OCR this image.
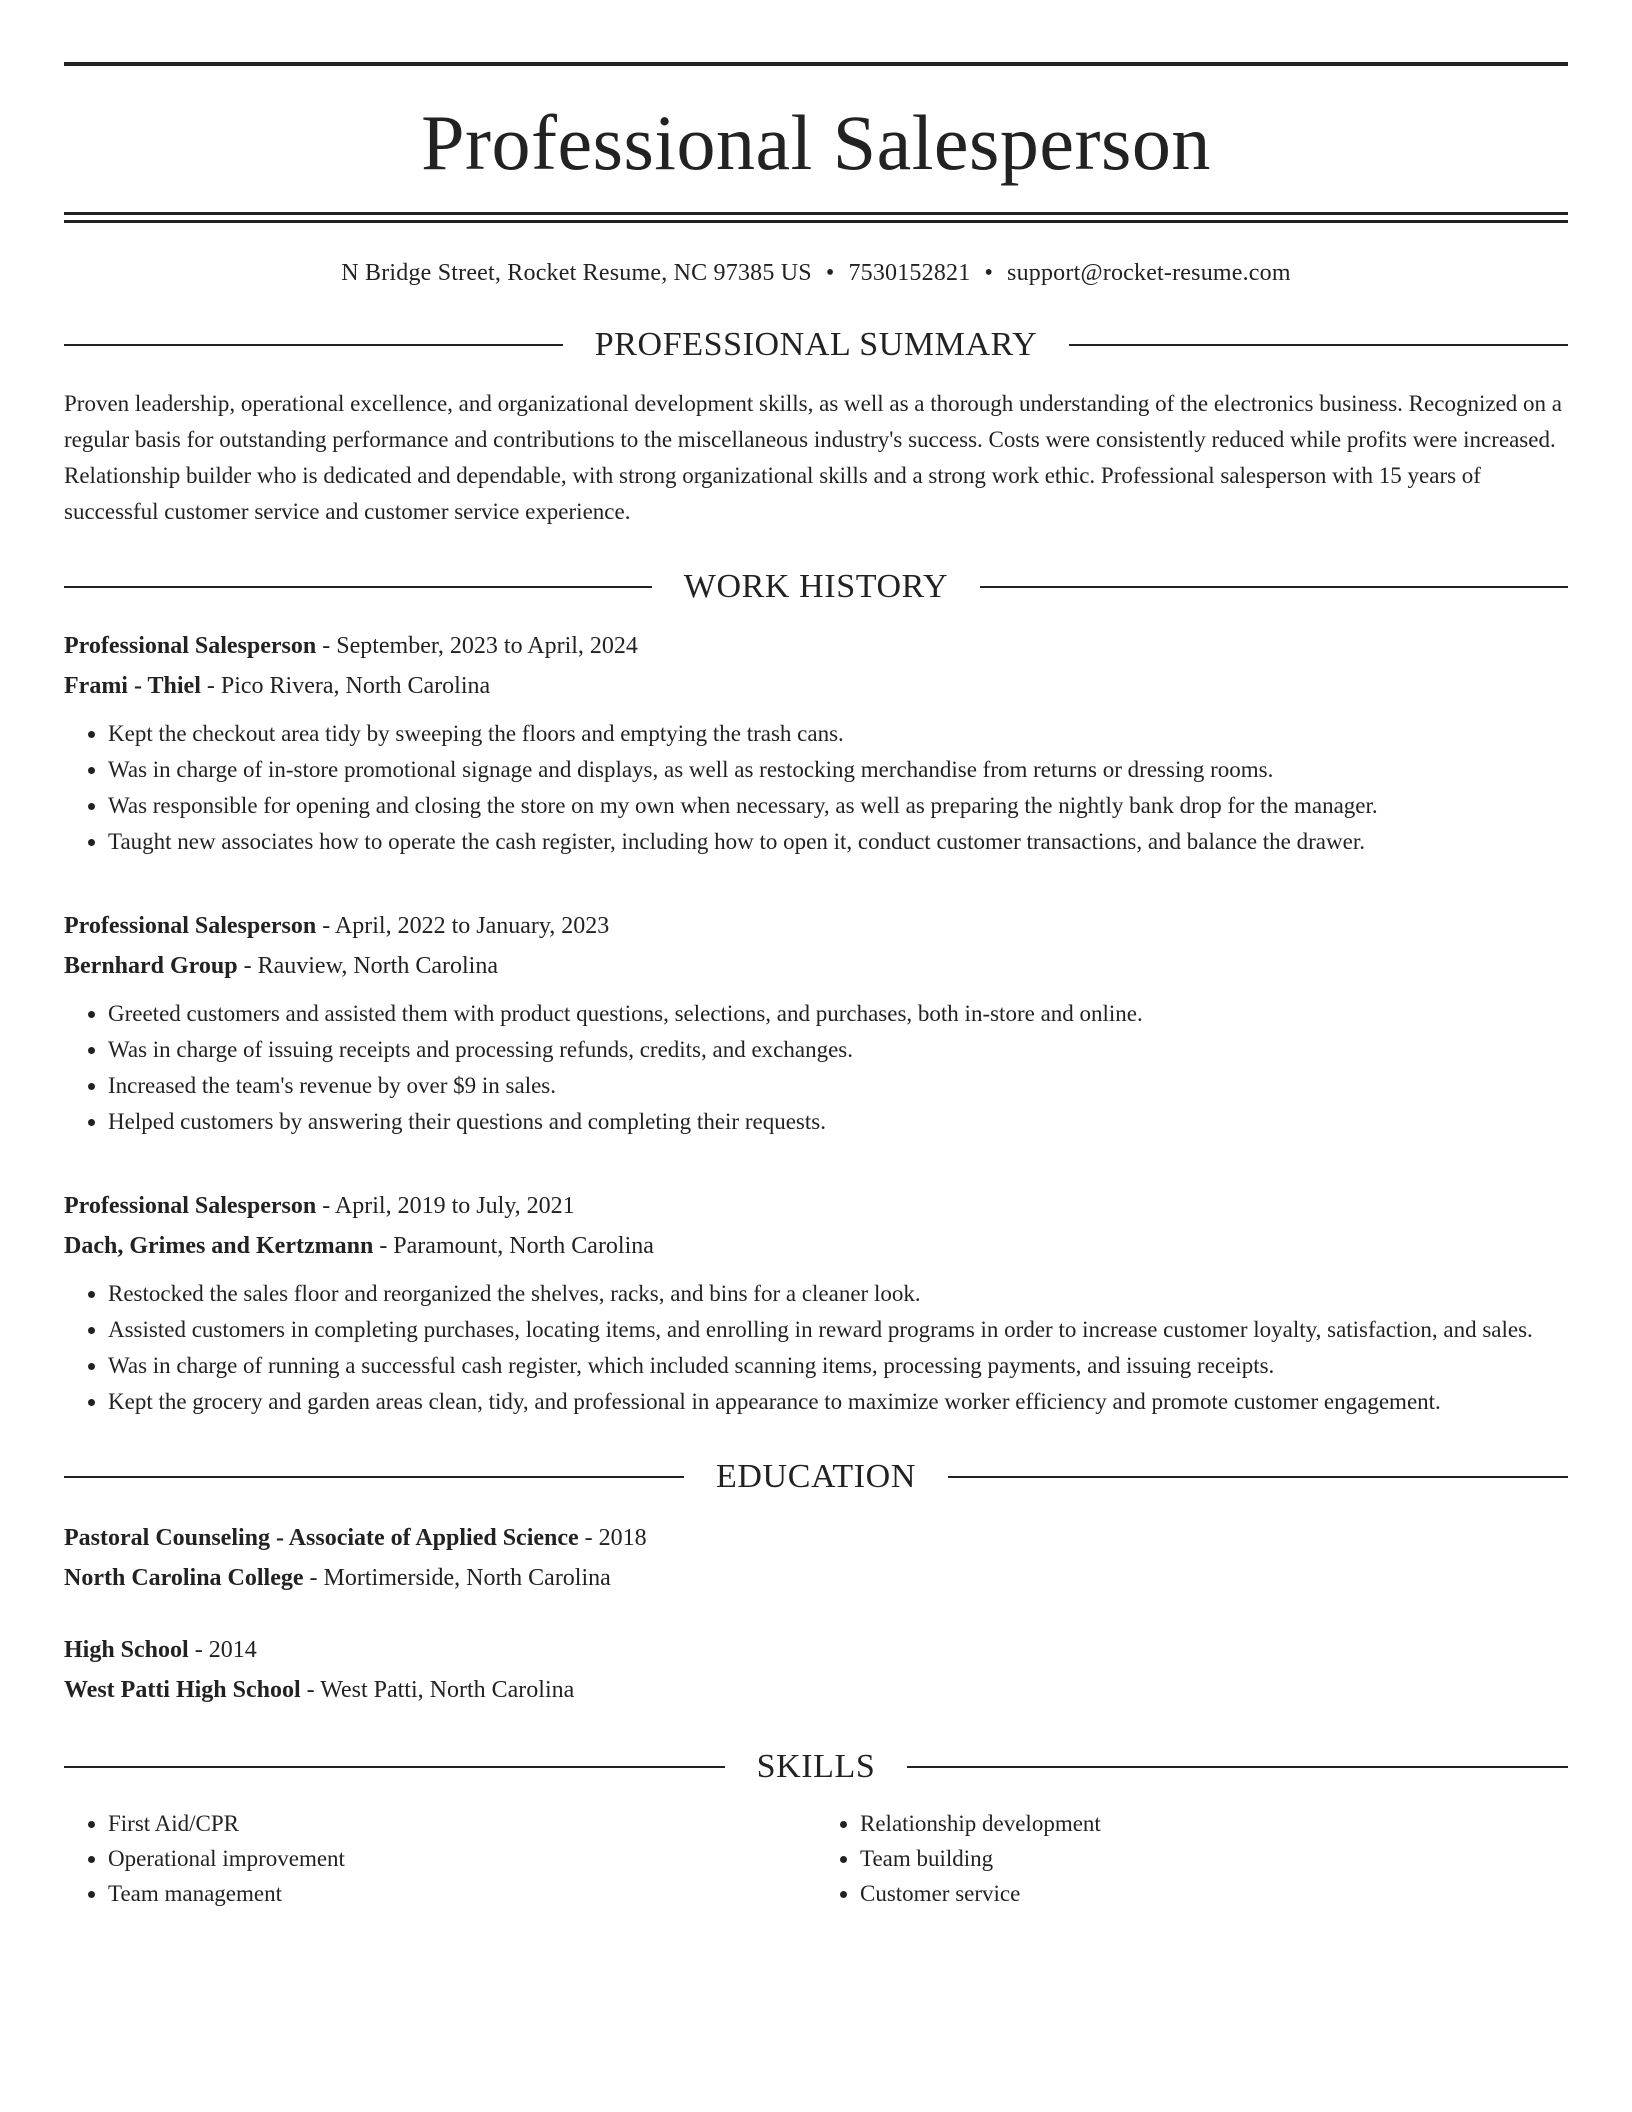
Professional Salesperson
N Bridge Street, Rocket Resume, NC 97385 US • 7530152821 • support@rocket-resume.com
PROFESSIONAL SUMMARY
Proven leadership, operational excellence, and organizational development skills, as well as a thorough understanding of the electronics business. Recognized on a regular basis for outstanding performance and contributions to the miscellaneous industry's success. Costs were consistently reduced while profits were increased. Relationship builder who is dedicated and dependable, with strong organizational skills and a strong work ethic. Professional salesperson with 15 years of successful customer service and customer service experience.
WORK HISTORY
Professional Salesperson - September, 2023 to April, 2024
Frami - Thiel - Pico Rivera, North Carolina
• Kept the checkout area tidy by sweeping the floors and emptying the trash cans.
• Was in charge of in-store promotional signage and displays, as well as restocking merchandise from returns or dressing rooms.
• Was responsible for opening and closing the store on my own when necessary, as well as preparing the nightly bank drop for the manager.
• Taught new associates how to operate the cash register, including how to open it, conduct customer transactions, and balance the drawer.
Professional Salesperson - April, 2022 to January, 2023
Bernhard Group - Rauview, North Carolina
• Greeted customers and assisted them with product questions, selections, and purchases, both in-store and online.
• Was in charge of issuing receipts and processing refunds, credits, and exchanges.
• Increased the team's revenue by over $9 in sales.
• Helped customers by answering their questions and completing their requests.
Professional Salesperson - April, 2019 to July, 2021
Dach, Grimes and Kertzmann - Paramount, North Carolina
• Restocked the sales floor and reorganized the shelves, racks, and bins for a cleaner look.
• Assisted customers in completing purchases, locating items, and enrolling in reward programs in order to increase customer loyalty, satisfaction, and sales.
• Was in charge of running a successful cash register, which included scanning items, processing payments, and issuing receipts.
• Kept the grocery and garden areas clean, tidy, and professional in appearance to maximize worker efficiency and promote customer engagement.
EDUCATION
Pastoral Counseling - Associate of Applied Science - 2018
North Carolina College - Mortimerside, North Carolina
High School - 2014
West Patti High School - West Patti, North Carolina
SKILLS
• First Aid/CPR
• Operational improvement
• Team management
• Relationship development
• Team building
• Customer service
